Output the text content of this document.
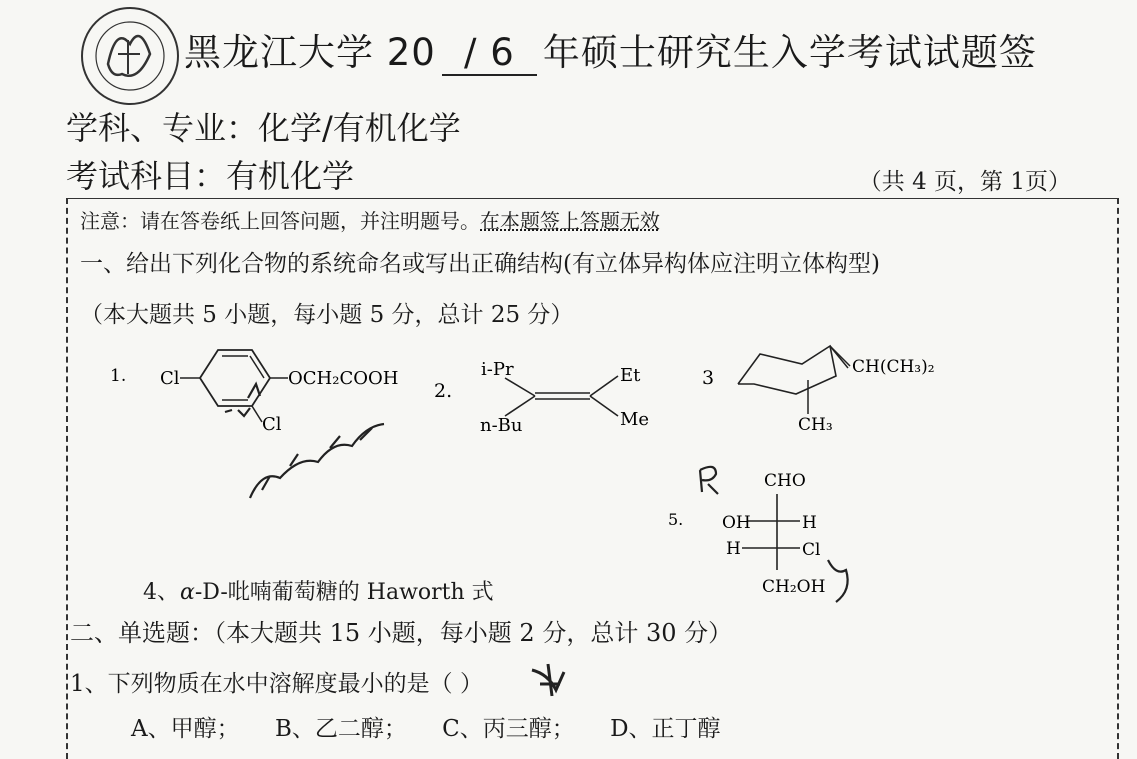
黑龙江大学 20 / 6 年硕士研究生入学考试试题签
学科、专业：化学/有机化学
考试科目：有机化学	（共 4 页，第 1页）
注意：请在答卷纸上回答问题，并注明题号。在本题签上答题无效
一、给出下列化合物的系统命名或写出正确结构(有立体异构体应注明立体构型)
（本大题共 5 小题，每小题 5 分，总计 25 分）
1. Cl	OCH₂COOH
Cl
2.
i-Pr
n-Bu
Et
Me
3	CH(CH₃)₂
CH₃
5.
CHO
OH	H
H	Cl
CH₂OH
α-D-吡喃葡萄糖的 Haworth 式
4、
二、单选题：（本大题共 15 小题，每小题 2 分，总计 30 分）
1、下列物质在水中溶解度最小的是（ ）
A、甲醇； B、乙二醇； C、丙三醇； D、正丁醇
